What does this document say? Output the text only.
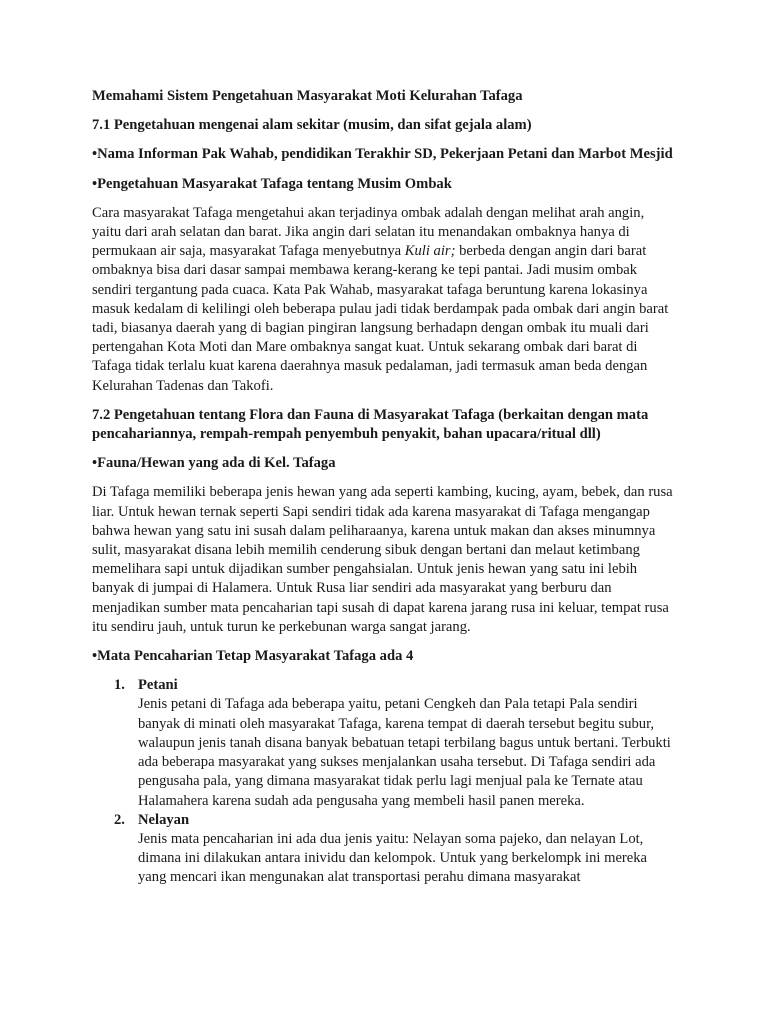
Memahami Sistem Pengetahuan Masyarakat Moti Kelurahan Tafaga

7.1 Pengetahuan mengenai alam sekitar (musim, dan sifat gejala alam)

•Nama Informan Pak Wahab, pendidikan Terakhir SD, Pekerjaan Petani dan Marbot Mesjid

•Pengetahuan Masyarakat Tafaga tentang Musim Ombak

Cara masyarakat Tafaga mengetahui akan terjadinya ombak adalah dengan melihat arah angin, yaitu dari arah selatan dan barat. Jika angin dari selatan itu menandakan ombaknya hanya di permukaan air saja, masyarakat Tafaga menyebutnya Kuli air; berbeda dengan angin dari barat ombaknya bisa dari dasar sampai membawa kerang-kerang ke tepi pantai. Jadi musim ombak sendiri tergantung pada cuaca. Kata Pak Wahab, masyarakat tafaga beruntung karena lokasinya masuk kedalam di kelilingi oleh beberapa pulau jadi tidak berdampak pada ombak dari angin barat tadi, biasanya daerah yang di bagian pingiran langsung berhadapn dengan ombak itu muali dari pertengahan Kota Moti dan Mare ombaknya sangat kuat. Untuk sekarang ombak dari barat di Tafaga tidak terlalu kuat karena daerahnya masuk pedalaman, jadi termasuk aman beda dengan Kelurahan Tadenas dan Takofi.

7.2 Pengetahuan tentang Flora dan Fauna di Masyarakat Tafaga (berkaitan dengan mata pencahariannya, rempah-rempah penyembuh penyakit, bahan upacara/ritual dll)

•Fauna/Hewan yang ada di Kel. Tafaga

Di Tafaga memiliki beberapa jenis hewan yang ada seperti kambing, kucing, ayam, bebek, dan rusa liar. Untuk hewan ternak seperti Sapi sendiri tidak ada karena masyarakat di Tafaga mengangap bahwa hewan yang satu ini susah dalam peliharaanya, karena untuk makan dan akses minumnya sulit, masyarakat disana lebih memilih cenderung sibuk dengan bertani dan melaut ketimbang memelihara sapi untuk dijadikan sumber pengahsialan. Untuk jenis hewan yang satu ini lebih banyak di jumpai di Halamera. Untuk Rusa liar sendiri ada masyarakat yang berburu dan menjadikan sumber mata pencaharian tapi susah di dapat karena jarang rusa ini keluar, tempat rusa itu sendiru jauh, untuk turun ke perkebunan warga sangat jarang.

•Mata Pencaharian Tetap Masyarakat Tafaga ada 4

1. Petani
Jenis petani di Tafaga ada beberapa yaitu, petani Cengkeh dan Pala tetapi Pala sendiri banyak di minati oleh masyarakat Tafaga, karena tempat di daerah tersebut begitu subur, walaupun jenis tanah disana banyak bebatuan tetapi terbilang bagus untuk bertani. Terbukti ada beberapa masyarakat yang sukses menjalankan usaha tersebut. Di Tafaga sendiri ada pengusaha pala, yang dimana masyarakat tidak perlu lagi menjual pala ke Ternate atau Halamahera karena sudah ada pengusaha yang membeli hasil panen mereka.
2. Nelayan
Jenis mata pencaharian ini ada dua jenis yaitu: Nelayan soma pajeko, dan nelayan Lot, dimana ini dilakukan antara inividu dan kelompok. Untuk yang berkelompk ini mereka yang mencari ikan mengunakan alat transportasi perahu dimana masyarakat
